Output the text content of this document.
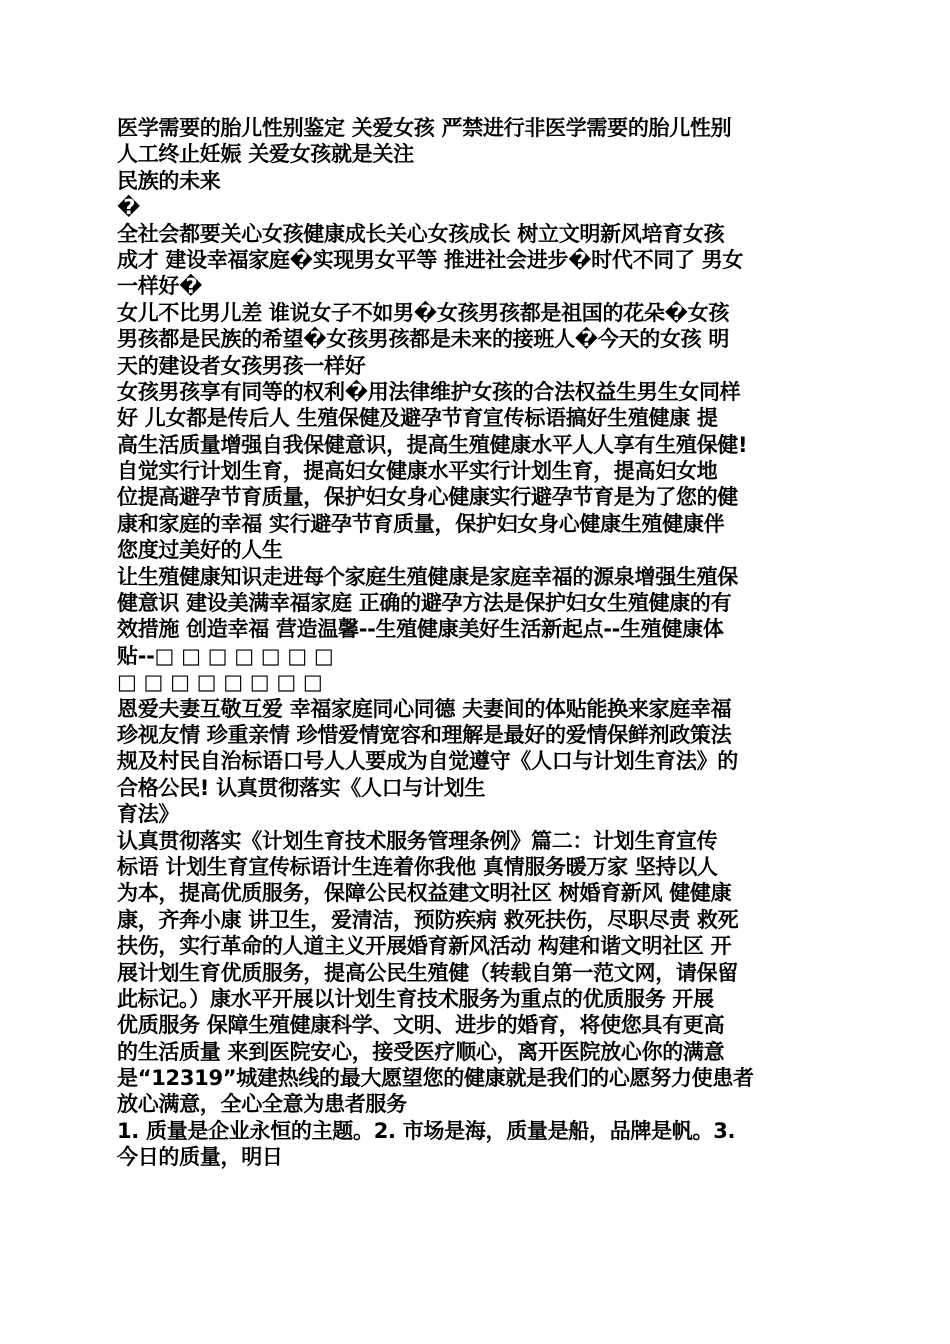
医学需要的胎儿性别鉴定 关爱女孩 严禁进行非医学需要的胎儿性别
人工终止妊娠 关爱女孩就是关注
民族的未来
�
全社会都要关心女孩健康成长关心女孩成长 树立文明新风培育女孩
成才 建设幸福家庭�实现男女平等 推进社会进步�时代不同了 男女
一样好�
女儿不比男儿差 谁说女子不如男�女孩男孩都是祖国的花朵�女孩
男孩都是民族的希望�女孩男孩都是未来的接班人�今天的女孩 明
天的建设者女孩男孩一样好
女孩男孩享有同等的权利�用法律维护女孩的合法权益生男生女同样
好 儿女都是传后人 生殖保健及避孕节育宣传标语搞好生殖健康 提
高生活质量增强自我保健意识，提高生殖健康水平人人享有生殖保健!
自觉实行计划生育，提高妇女健康水平实行计划生育，提高妇女地
位提高避孕节育质量，保护妇女身心健康实行避孕节育是为了您的健
康和家庭的幸福 实行避孕节育质量，保护妇女身心健康生殖健康伴
您度过美好的人生
让生殖健康知识走进每个家庭生殖健康是家庭幸福的源泉增强生殖保
健意识 建设美满幸福家庭 正确的避孕方法是保护妇女生殖健康的有
效措施 创造幸福 营造温馨--生殖健康美好生活新起点--生殖健康体
贴--□ □ □ □ □ □ □
□ □ □ □ □ □ □ □
恩爱夫妻互敬互爱 幸福家庭同心同德 夫妻间的体贴能换来家庭幸福
珍视友情 珍重亲情 珍惜爱情宽容和理解是最好的爱情保鲜剂政策法
规及村民自治标语口号人人要成为自觉遵守《人口与计划生育法》的
合格公民! 认真贯彻落实《人口与计划生
育法》
认真贯彻落实《计划生育技术服务管理条例》篇二：计划生育宣传
标语 计划生育宣传标语计生连着你我他 真情服务暖万家 坚持以人
为本，提高优质服务，保障公民权益建文明社区 树婚育新风 健健康
康，齐奔小康 讲卫生，爱清洁，预防疾病 救死扶伤，尽职尽责 救死
扶伤，实行革命的人道主义开展婚育新风活动 构建和谐文明社区 开
展计划生育优质服务，提高公民生殖健（转载自第一范文网，请保留
此标记。）康水平开展以计划生育技术服务为重点的优质服务 开展
优质服务 保障生殖健康科学、文明、进步的婚育，将使您具有更高
的生活质量 来到医院安心，接受医疗顺心，离开医院放心你的满意
是“12319”城建热线的最大愿望您的健康就是我们的心愿努力使患者
放心满意，全心全意为患者服务
1. 质量是企业永恒的主题。2. 市场是海，质量是船，品牌是帆。3.
今日的质量，明日
